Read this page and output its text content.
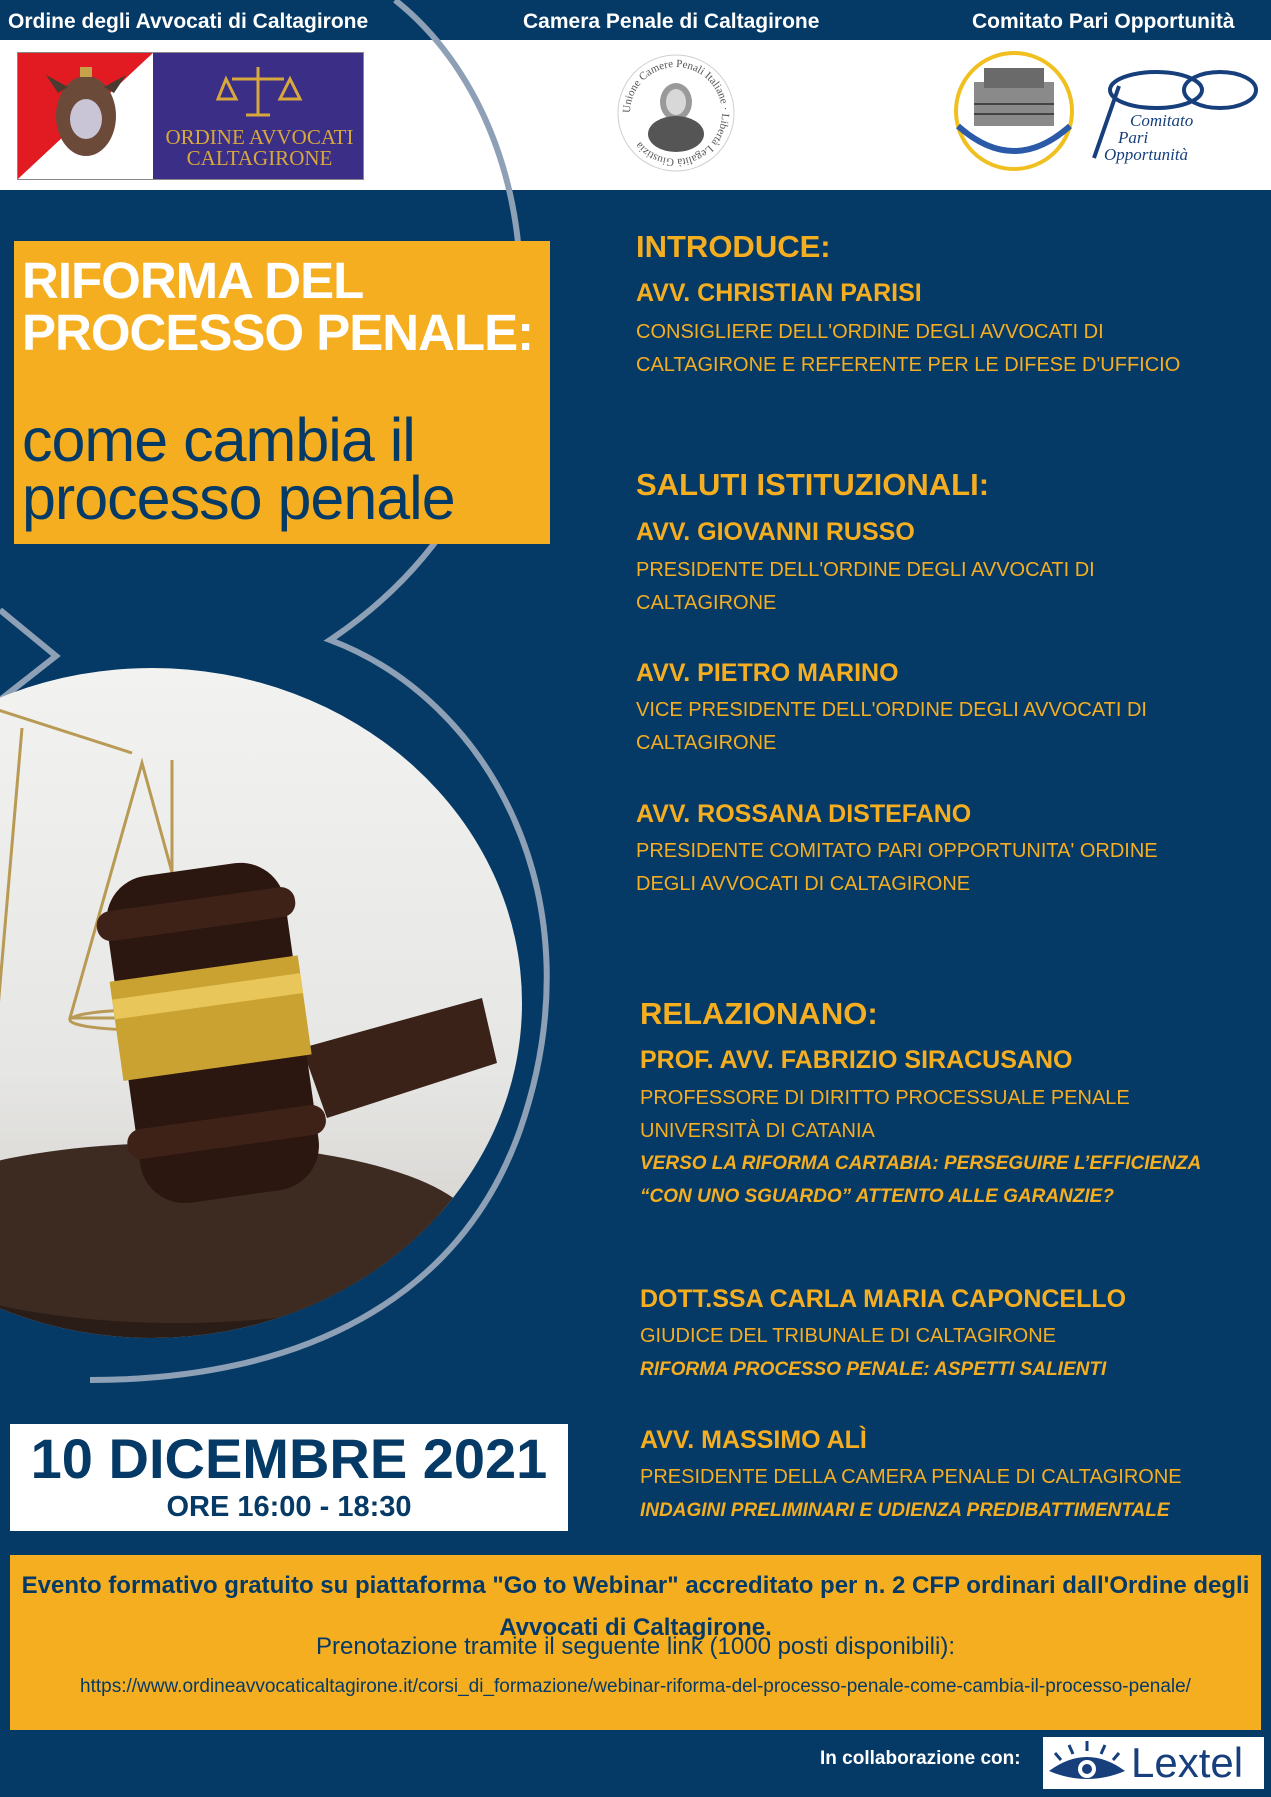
Ordine degli Avvocati di Caltagirone	Camera Penale di Caltagirone	Comitato Pari Opportunità
ORDINE AVVOCATI
CALTAGIRONE
Unione Camere Penali Italiane · Libertà Legalità Giustizia
Comitato
Pari
Opportunità
RIFORMA DEL
PROCESSO PENALE:
come cambia il
processo penale
INTRODUCE:
AVV. CHRISTIAN PARISI
CONSIGLIERE DELL'ORDINE DEGLI AVVOCATI DI CALTAGIRONE E REFERENTE PER LE DIFESE D'UFFICIO
SALUTI ISTITUZIONALI:
AVV. GIOVANNI RUSSO
PRESIDENTE DELL'ORDINE DEGLI AVVOCATI DI CALTAGIRONE
AVV. PIETRO MARINO
VICE PRESIDENTE DELL'ORDINE DEGLI AVVOCATI DI CALTAGIRONE
AVV. ROSSANA DISTEFANO
PRESIDENTE COMITATO PARI OPPORTUNITA' ORDINE DEGLI AVVOCATI DI CALTAGIRONE
RELAZIONANO:
PROF. AVV. FABRIZIO SIRACUSANO
PROFESSORE DI DIRITTO PROCESSUALE PENALE UNIVERSITÀ DI CATANIA
VERSO LA RIFORMA CARTABIA: PERSEGUIRE L’EFFICIENZA “CON UNO SGUARDO” ATTENTO ALLE GARANZIE?
DOTT.SSA CARLA MARIA CAPONCELLO
GIUDICE DEL TRIBUNALE DI CALTAGIRONE
RIFORMA PROCESSO PENALE: ASPETTI SALIENTI
AVV. MASSIMO ALÌ
PRESIDENTE DELLA CAMERA PENALE DI CALTAGIRONE
INDAGINI PRELIMINARI E UDIENZA PREDIBATTIMENTALE
10 DICEMBRE 2021
ORE 16:00 - 18:30
Evento formativo gratuito su piattaforma "Go to Webinar" accreditato per n. 2 CFP ordinari dall'Ordine degli Avvocati di Caltagirone.
Prenotazione tramite il seguente link (1000 posti disponibili):
https://www.ordineavvocaticaltagirone.it/corsi_di_formazione/webinar-riforma-del-processo-penale-come-cambia-il-processo-penale/
In collaborazione con:	Lextel
